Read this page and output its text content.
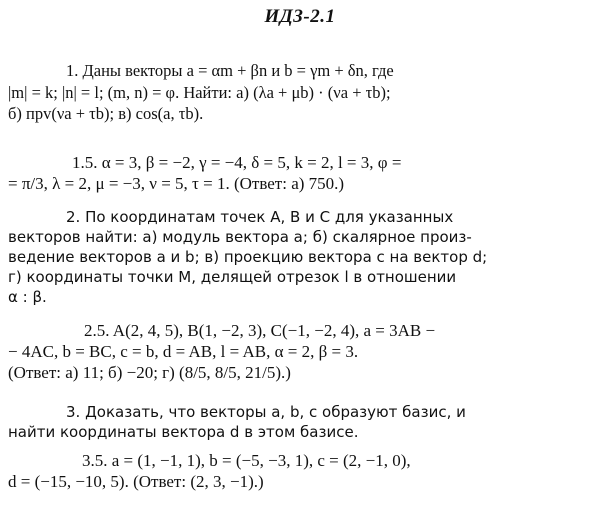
ИДЗ-2.1
1. Даны векторы a = αm + βn и b = γm + δn, где
|m| = k; |n| = l; (m, n) = φ. Найти: а) (λa + μb) · (νa + τb);
б) прv(νa + τb); в) cos(a, τb).
1.5. α = 3, β = −2, γ = −4, δ = 5, k = 2, l = 3, φ =
= π/3, λ = 2, μ = −3, ν = 5, τ = 1. (Ответ: а) 750.)
2. По координатам точек A, B и C для указанных
векторов найти: а) модуль вектора a; б) скалярное произ-
ведение векторов a и b; в) проекцию вектора c на вектор d;
г) координаты точки M, делящей отрезок l в отношении
α : β.
2.5. A(2, 4, 5), B(1, −2, 3), C(−1, −2, 4), a = 3AB −
− 4AC, b = BC, c = b, d = AB, l = AB, α = 2, β = 3.
(Ответ: а) 11; б) −20; г) (8/5, 8/5, 21/5).)
3. Доказать, что векторы a, b, c образуют базис, и
найти координаты вектора d в этом базисе.
3.5. a = (1, −1, 1), b = (−5, −3, 1), c = (2, −1, 0),
d = (−15, −10, 5). (Ответ: (2, 3, −1).)
